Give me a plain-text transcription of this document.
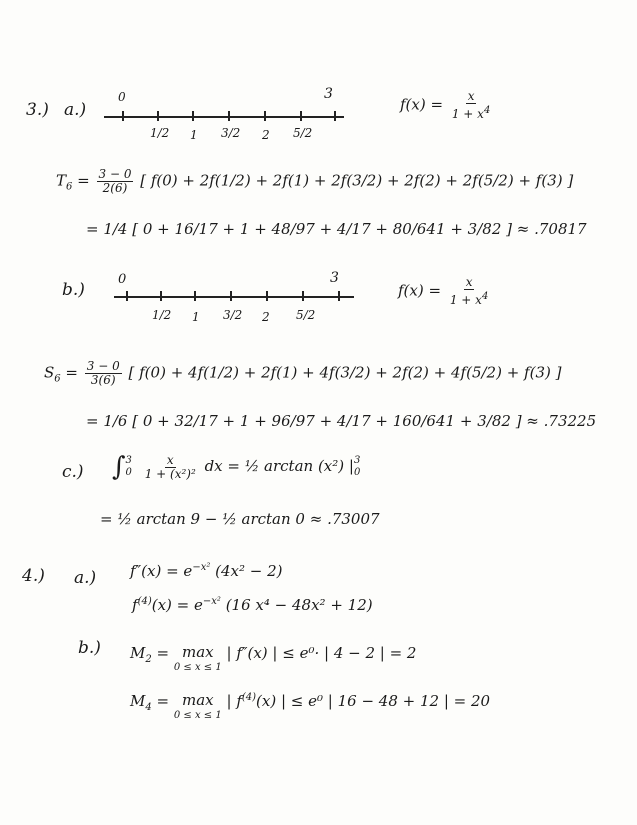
3.) a.)
0	3
1/2 1 3/2 2 5/2
$f(x) = \frac{x}{1 + x^4}$
$T_6 = \frac{3 - 0}{2(6)}$ [ f(0) + 2f(1/2) + 2f(1) + 2f(3/2) + 2f(2) + 2f(5/2) + f(3) ]
= 1/4 [ 0 + 16/17 + 1 + 48/97 + 4/17 + 80/641 + 3/82 ] ≈ .70817
b.)
0	3
1/2 1 3/2 2 5/2
$f(x) = \frac{x}{1 + x^4}$
$S_6 = \frac{3 - 0}{3(6)}$ [ f(0) + 4f(1/2) + 2f(1) + 4f(3/2) + 2f(2) + 4f(5/2) + f(3) ]
= 1/6 [ 0 + 32/17 + 1 + 96/97 + 4/17 + 160/641 + 3/82 ] ≈ .73225
c.) ∫ 3
0
$\frac{x}{\text{1 + (x²)²}}$ dx = ½ arctan (x²) | 3
0
= ½ arctan 9 − ½ arctan 0 ≈ .73007
4.) a.) $f''(x) = e^{-x^2}$ (4x² − 2)
$f^{(4)}(x) = e^{-x^2}$ (16 x⁴ − 48x² + 12)
b.) $M_2 = \max$
0 ≤ x ≤ 1
| f″(x) | ≤ e⁰· | 4 − 2 | = 2
$M_4 = \max$
0 ≤ x ≤ 1
| $f^{(4)}(x)$ | ≤ e⁰ | 16 − 48 + 12 | = 20
